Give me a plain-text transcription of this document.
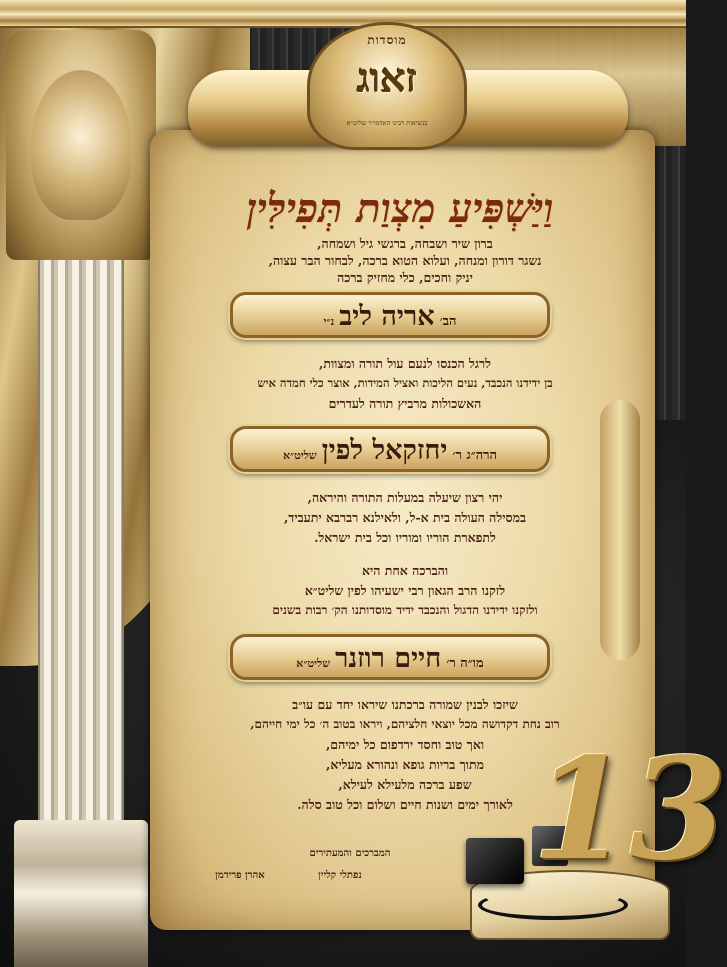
מוסדות
זאוג
בנשיאות רבינו האדמו״ר שליט״א
וַיַּשְׁפִּיעַ מִצְוַת תְּפִילִּין
ברון שיר ושבחה, ברגשי גיל ושמחה,
נשגר דורון ומנחה, ועלוא הטוא ברכה, לבחור הבר עצוה,
יניק וחכים, כלי מחזיק ברכה
הב׳ אריה ליב נ״י
לרגל הכנסו לנעם עול תורה ומצוות,
בן ידידנו הנכבד, נעים הליכות ואציל המידות, אוצר כלי חמדה איש
האשכולות מרביץ תורה לעדרים
הרה״ג ר׳ יחזקאל לפין שליט״א
יהי רצון שיעלה במעלות התורה והיראה,
במסילה העולה בית א-ל, ולאילנא רברבא יתעביד,
לתפארת הוריו ומוריו וכל בית ישראל.
והברכה אחת היא
לזקנו הרב הגאון רבי ישעיהו לפין שליט״א
ולזקנו ידידנו הדגול והנכבד ידיד מוסדותנו הק׳ רבות בשנים
מו״ה ר׳ חיים רוזנר שליט״א
שיזכו לבנין שמורה ברכתנו שיראו יחד עם עו״ב
רוב נחת דקדושה מכל יוצאי חלציהם, ויראו בטוב ה׳ כל ימי חייהם,
ואך טוב וחסד ירדפום כל ימיהם,
מתוך בריות גופא ונהורא מעליא,
שפע ברכה מלעילא לעילא,
לאורך ימים ושנות חיים ושלום וכל טוב סלה.
המברכים והמעתירים
נפתלי קליין
אהרן פרידמן 13
